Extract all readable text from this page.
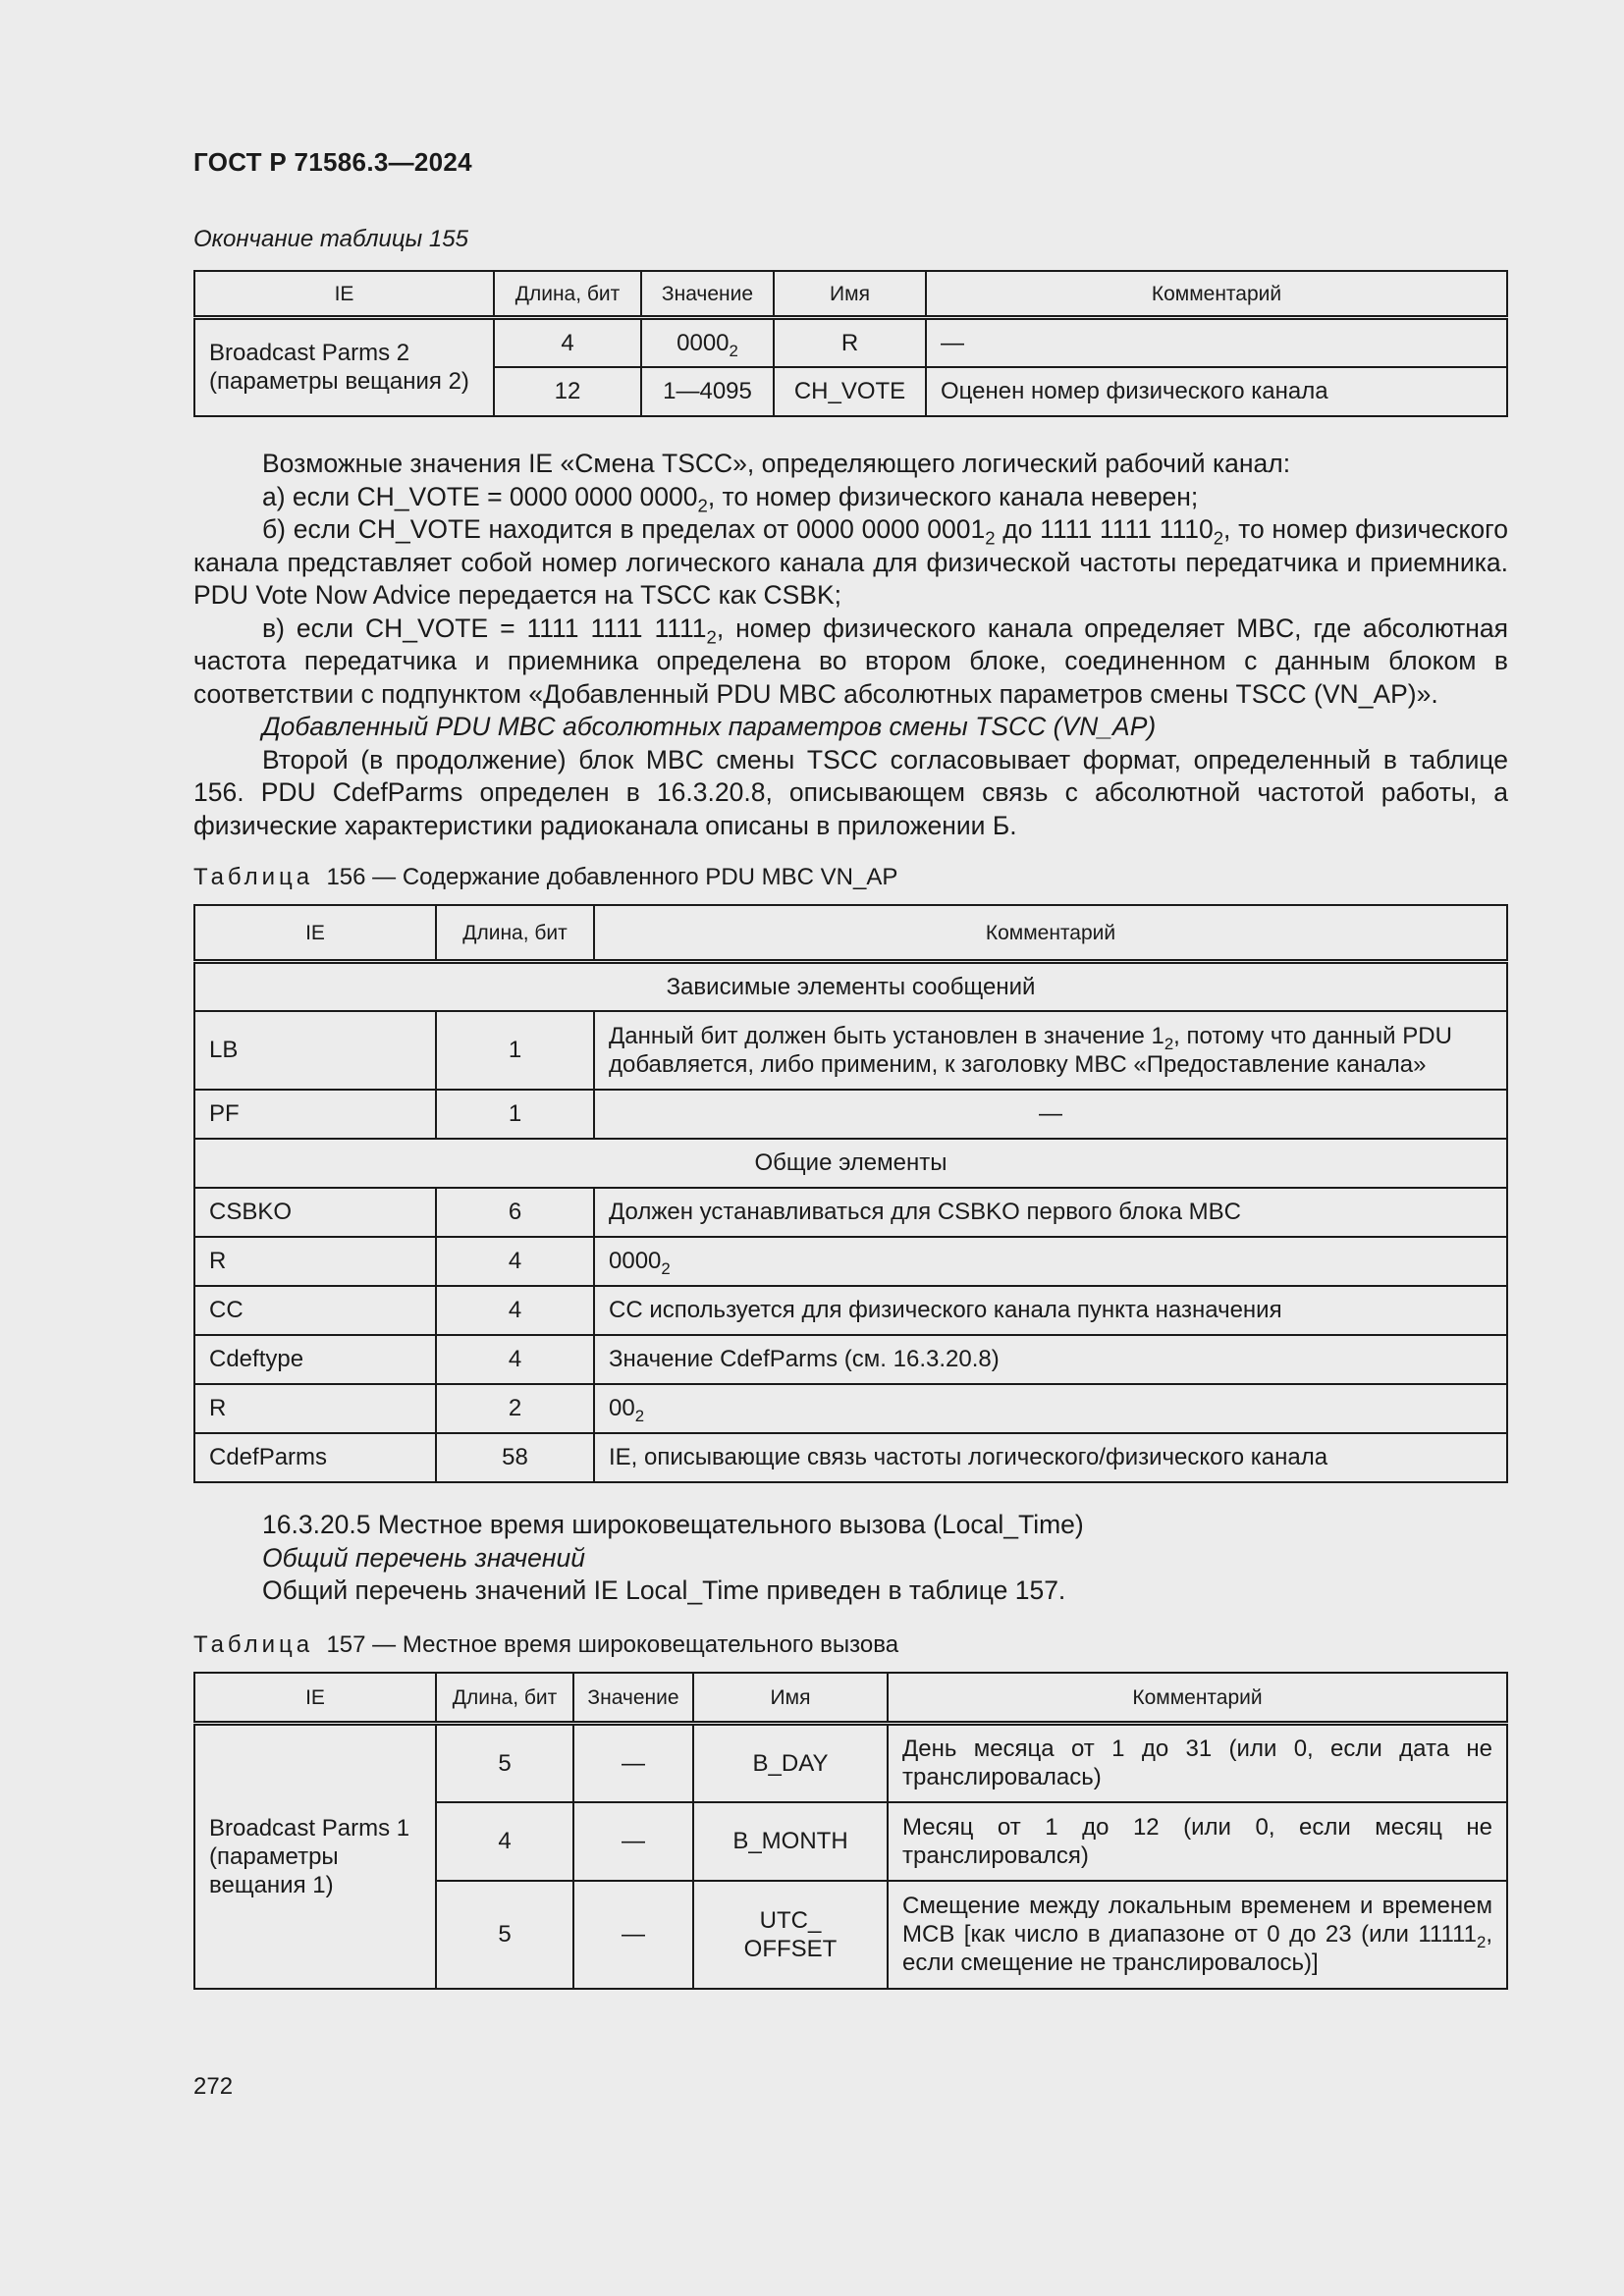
ГОСТ Р 71586.3—2024
Окончание таблицы 155
IE	Длина, бит	Значение	Имя	Комментарий
Broadcast Parms 2 (параметры вещания 2)	4	$0000_2$	R	—
	12	1—4095	CH_VOTE	Оценен номер физического канала

Возможные значения IE «Смена TSCC», определяющего логический рабочий канал:

а) если CH_VOTE = 0000 0000 $0000_2$, то номер физического канала неверен;

б) если CH_VOTE находится в пределах от 0000 0000 $0001_2$ до 1111 1111 $1110_2$, то номер физического канала представляет собой номер логического канала для физической частоты передатчика и приемника. PDU Vote Now Advice передается на TSCC как CSBK;

в) если CH_VOTE = 1111 1111 $1111_2$, номер физического канала определяет MBC, где абсолютная частота передатчика и приемника определена во втором блоке, соединенном с данным блоком в соответствии с подпунктом «Добавленный PDU MBC абсолютных параметров смены TSCC (VN_AP)».

Добавленный PDU MBC абсолютных параметров смены TSCC (VN_AP)

Второй (в продолжение) блок MBC смены TSCC согласовывает формат, определенный в таблице 156. PDU CdefParms определен в 16.3.20.8, описывающем связь с абсолютной частотой работы, а физические характеристики радиоканала описаны в приложении Б.

Таблица 156 — Содержание добавленного PDU MBC VN_AP
IE	Длина, бит	Комментарий
Зависимые элементы сообщений		
LB	1	Данный бит должен быть установлен в значение $1_2$, потому что данный PDU добавляется, либо применим, к заголовку MBC «Предоставление канала»
PF	1	—
Общие элементы		
CSBKO	6	Должен устанавливаться для CSBKO первого блока MBC
R	4	$0000_2$
CC	4	CC используется для физического канала пункта назначения
Cdeftype	4	Значение CdefParms (см. 16.3.20.8)
R	2	$00_2$
CdefParms	58	IE, описывающие связь частоты логического/физического канала

16.3.20.5 Местное время широковещательного вызова (Local_Time)

Общий перечень значений

Общий перечень значений IE Local_Time приведен в таблице 157.

Таблица 157 — Местное время широковещательного вызова
IE	Длина, бит	Значение	Имя	Комментарий
Broadcast Parms 1 (параметры вещания 1)	5	—	B_DAY	День месяца от 1 до 31 (или 0, если дата не транслировалась)
	4	—	B_MONTH	Месяц от 1 до 12 (или 0, если месяц не транслировался)
	5	—	UTC_ OFFSET	Смещение между локальным временем и временем MCB [как число в диапазоне от 0 до 23 (или $11111_2$, если смещение не транслировалось)]
272
